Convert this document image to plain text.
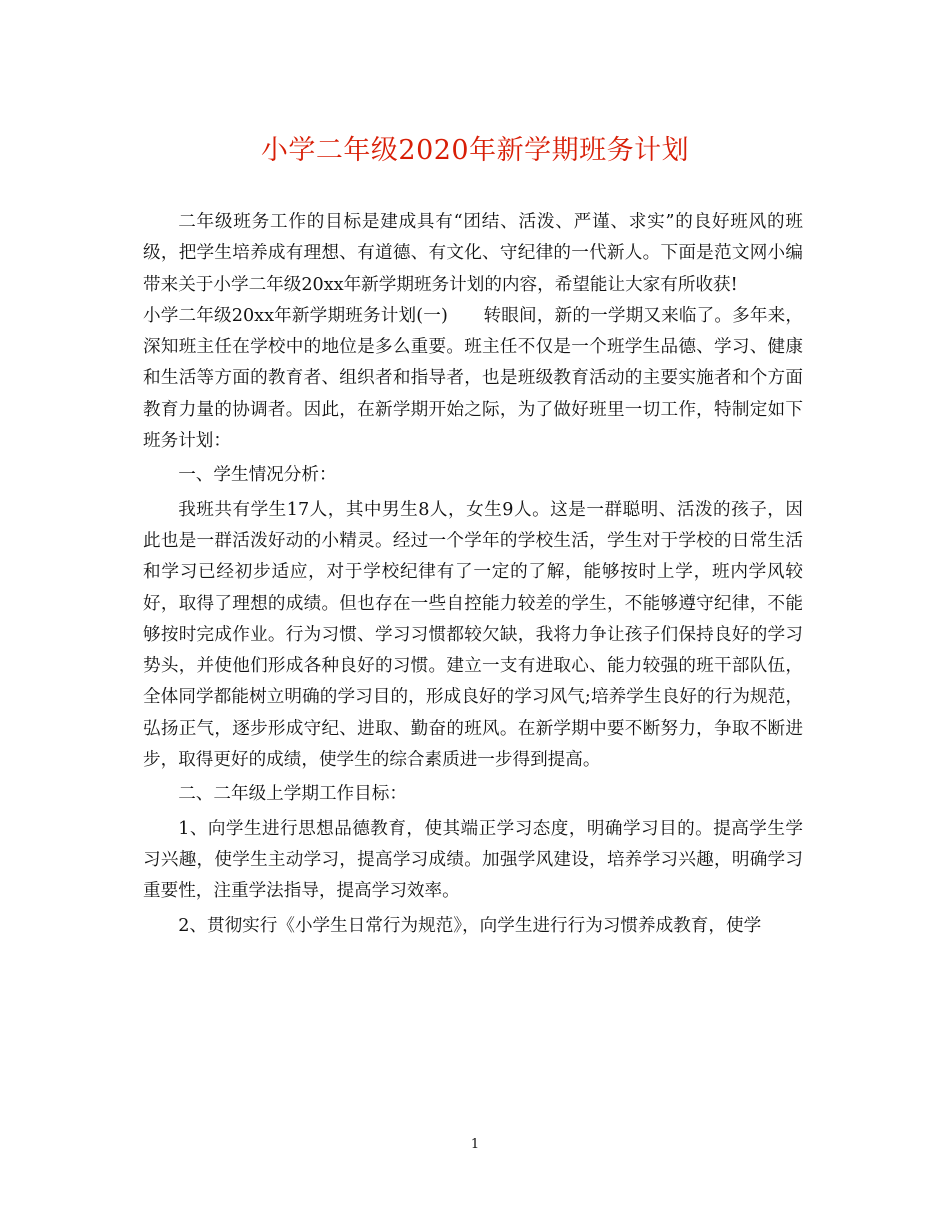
小学二年级2020年新学期班务计划

二年级班务工作的目标是建成具有“团结、活泼、严谨、求实”的良好班风的班级，把学生培养成有理想、有道德、有文化、守纪律的一代新人。下面是范文网小编带来关于小学二年级20xx年新学期班务计划的内容，希望能让大家有所收获!

小学二年级20xx年新学期班务计划(一)　　转眼间，新的一学期又来临了。多年来，深知班主任在学校中的地位是多么重要。班主任不仅是一个班学生品德、学习、健康和生活等方面的教育者、组织者和指导者，也是班级教育活动的主要实施者和个方面教育力量的协调者。因此，在新学期开始之际，为了做好班里一切工作，特制定如下班务计划：

一、学生情况分析：

我班共有学生17人，其中男生8人，女生9人。这是一群聪明、活泼的孩子，因此也是一群活泼好动的小精灵。经过一个学年的学校生活，学生对于学校的日常生活和学习已经初步适应，对于学校纪律有了一定的了解，能够按时上学，班内学风较好，取得了理想的成绩。但也存在一些自控能力较差的学生，不能够遵守纪律，不能够按时完成作业。行为习惯、学习习惯都较欠缺，我将力争让孩子们保持良好的学习势头，并使他们形成各种良好的习惯。建立一支有进取心、能力较强的班干部队伍，全体同学都能树立明确的学习目的，形成良好的学习风气;培养学生良好的行为规范，弘扬正气，逐步形成守纪、进取、勤奋的班风。在新学期中要不断努力，争取不断进步，取得更好的成绩，使学生的综合素质进一步得到提高。

二、二年级上学期工作目标：

1、向学生进行思想品德教育，使其端正学习态度，明确学习目的。提高学生学习兴趣，使学生主动学习，提高学习成绩。加强学风建设，培养学习兴趣，明确学习重要性，注重学法指导，提高学习效率。

2、贯彻实行《小学生日常行为规范》，向学生进行行为习惯养成教育，使学

1
